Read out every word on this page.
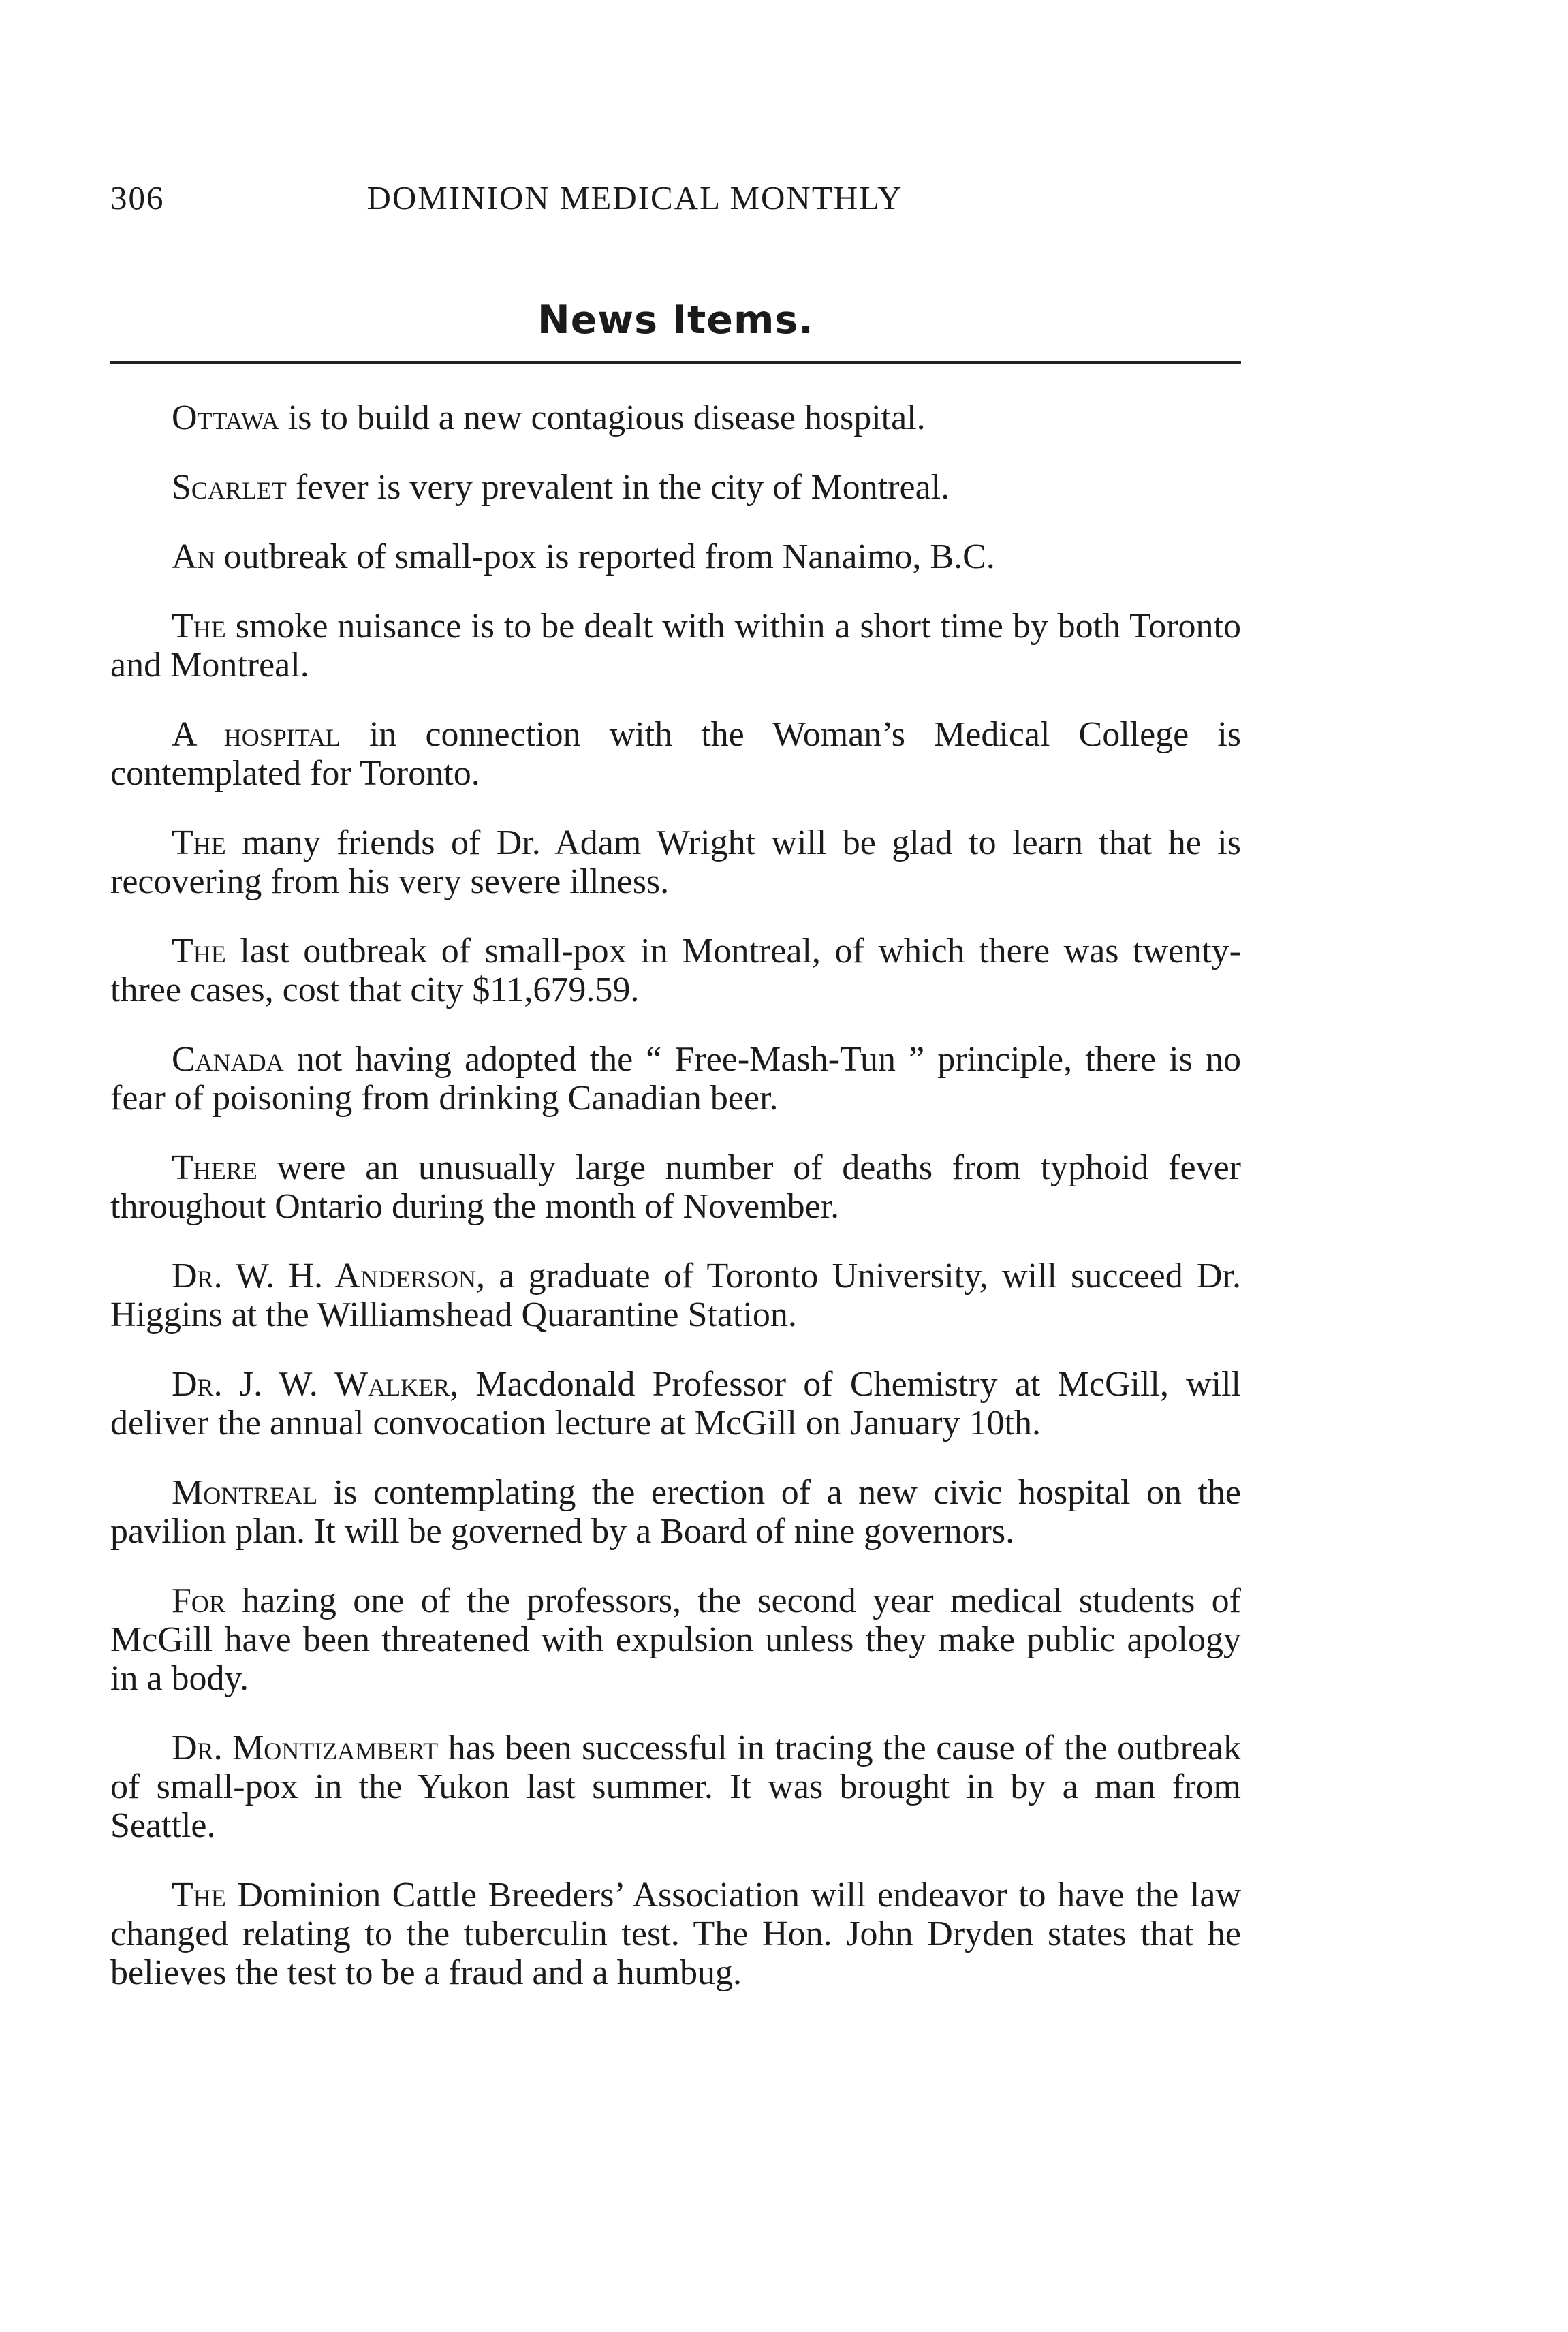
306	DOMINION MEDICAL MONTHLY
News Items.

Ottawa is to build a new contagious disease hospital.

Scarlet fever is very prevalent in the city of Montreal.

An outbreak of small-pox is reported from Nanaimo, B.C.

The smoke nuisance is to be dealt with within a short time by both Toronto and Montreal.

A hospital in connection with the Woman’s Medical College is contemplated for Toronto.

The many friends of Dr. Adam Wright will be glad to learn that he is recovering from his very severe illness.

The last outbreak of small-pox in Montreal, of which there was twenty-three cases, cost that city $11,679.59.

Canada not having adopted the “ Free-Mash-Tun ” principle, there is no fear of poisoning from drinking Canadian beer.

There were an unusually large number of deaths from typhoid fever throughout Ontario during the month of November.

Dr. W. H. Anderson, a graduate of Toronto University, will succeed Dr. Higgins at the Williamshead Quarantine Station.

Dr. J. W. Walker, Macdonald Professor of Chemistry at McGill, will deliver the annual convocation lecture at McGill on January 10th.

Montreal is contemplating the erection of a new civic hospital on the pavilion plan. It will be governed by a Board of nine governors.

For hazing one of the professors, the second year medical students of McGill have been threatened with expulsion unless they make public apology in a body.

Dr. Montizambert has been successful in tracing the cause of the outbreak of small-pox in the Yukon last summer. It was brought in by a man from Seattle.

The Dominion Cattle Breeders’ Association will endeavor to have the law changed relating to the tuberculin test. The Hon. John Dryden states that he believes the test to be a fraud and a humbug.
